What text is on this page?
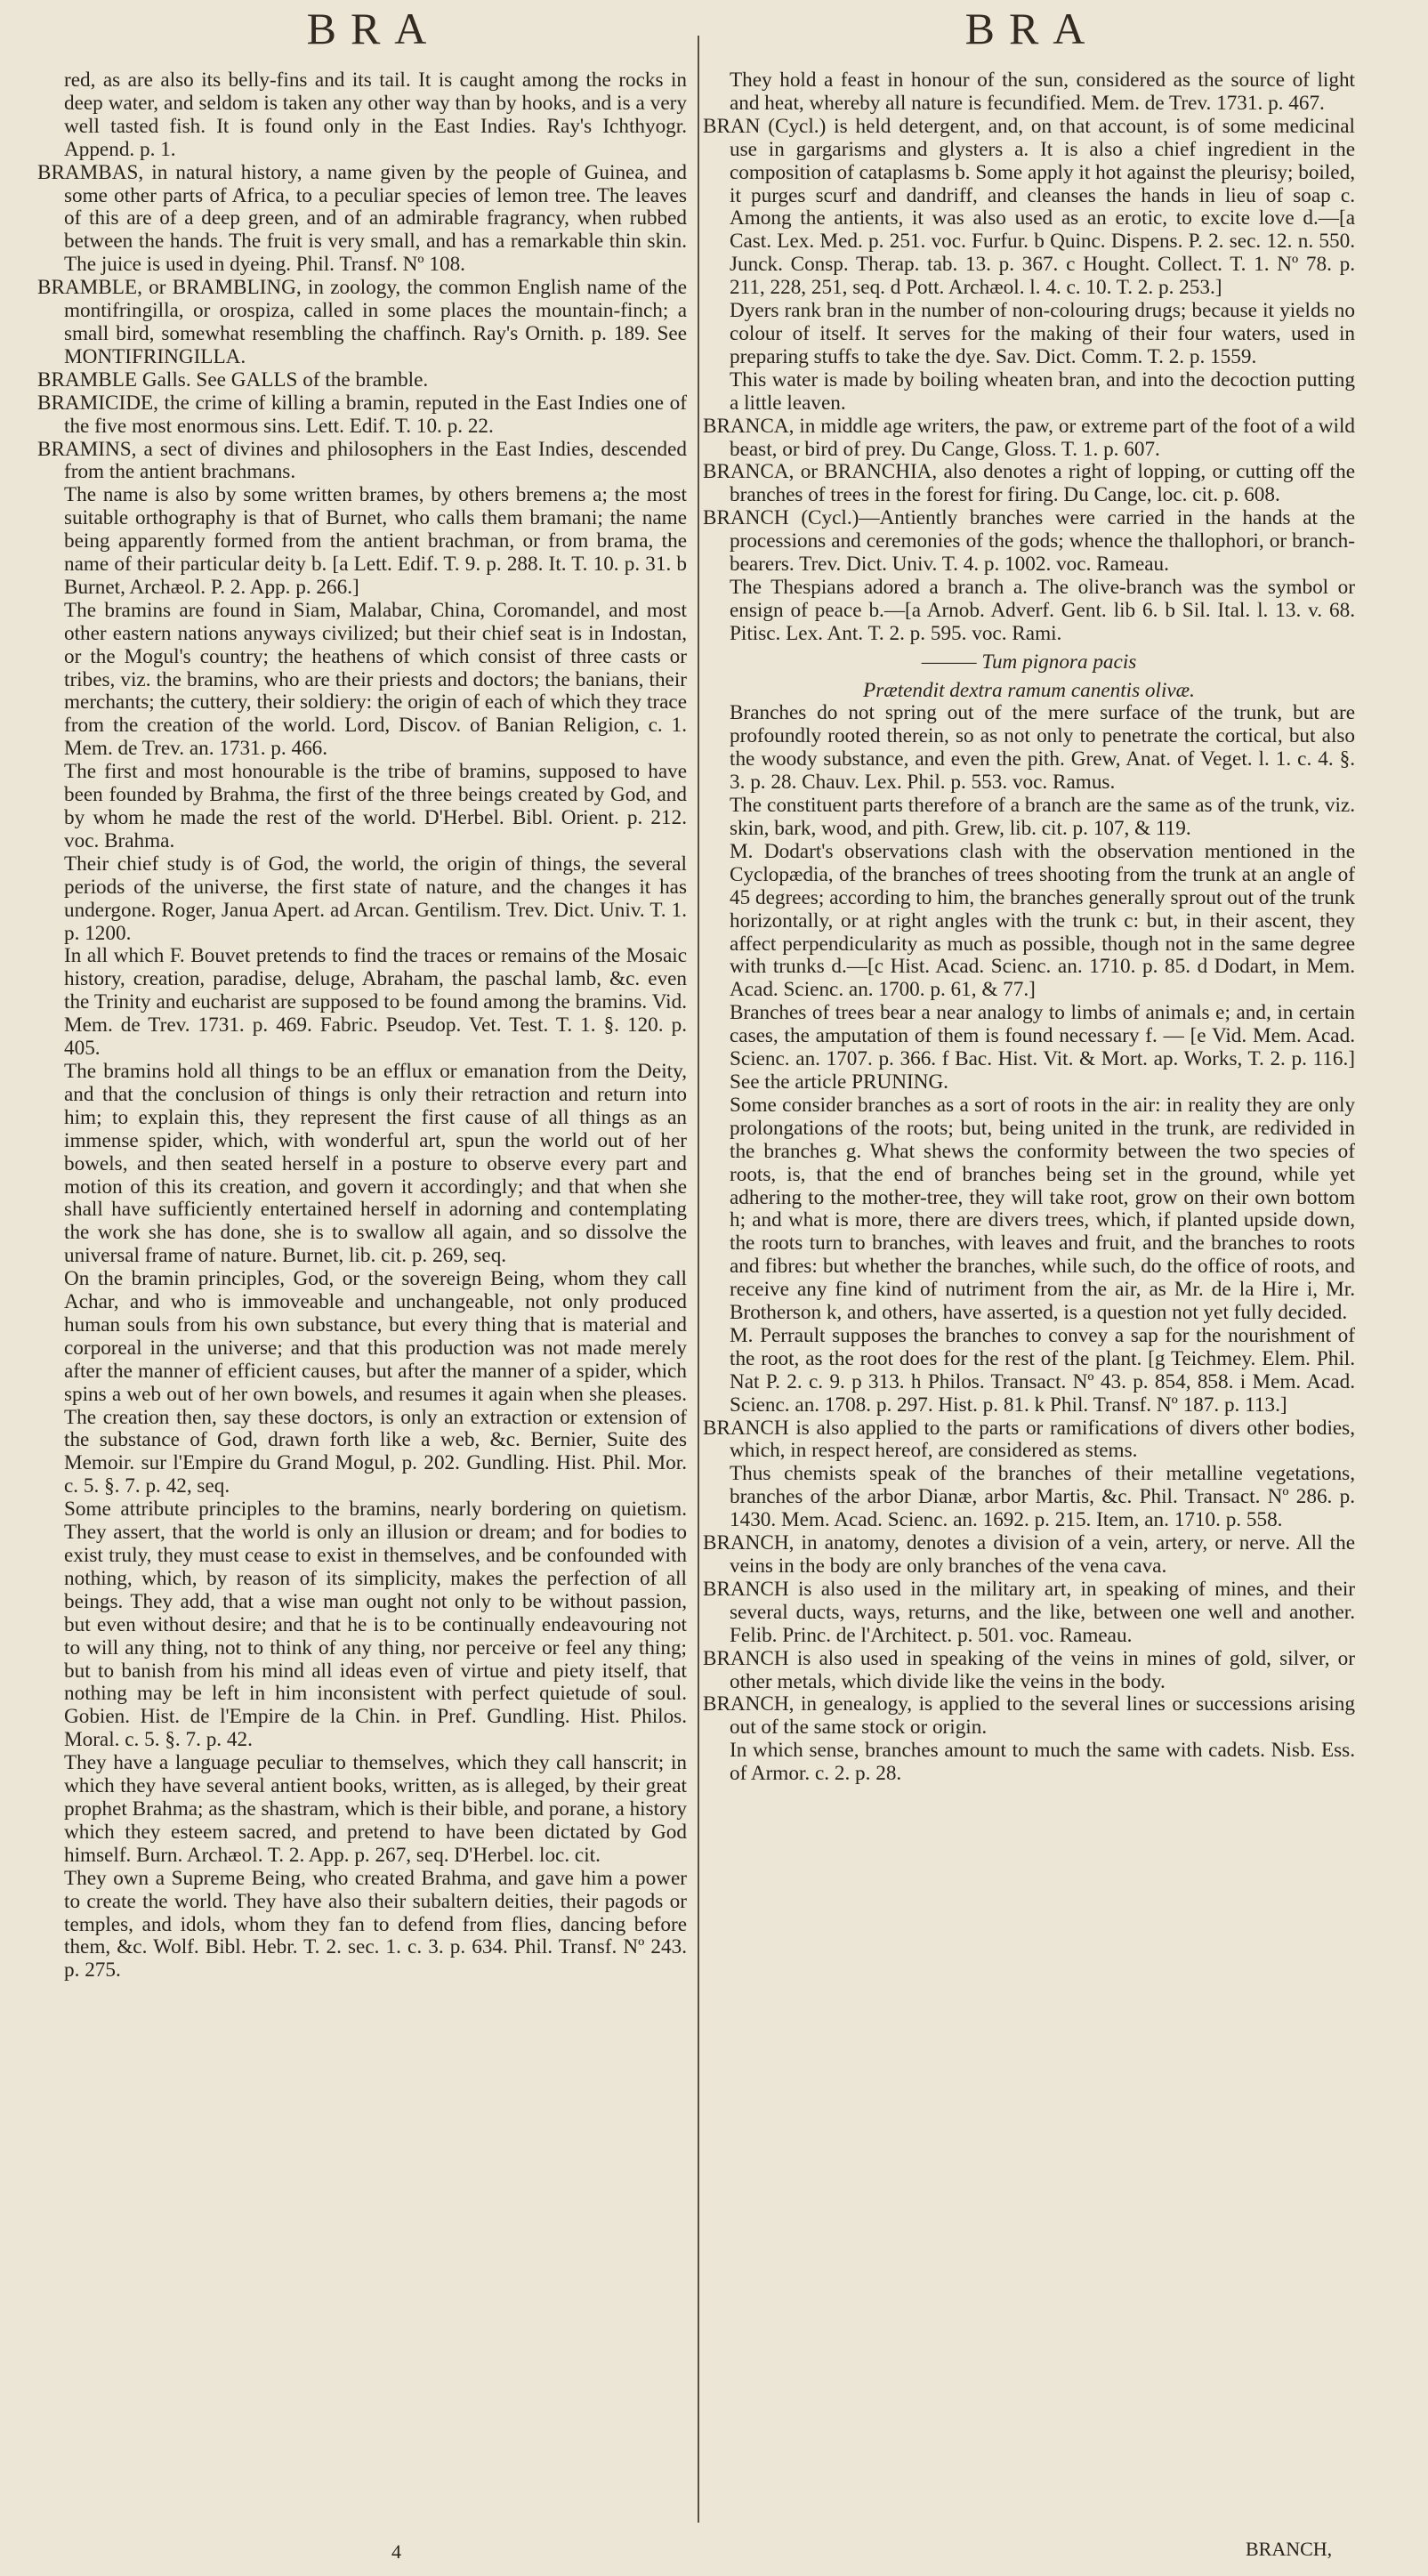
BRA	BRA

red, as are also its belly-fins and its tail. It is caught among the rocks in deep water, and seldom is taken any other way than by hooks, and is a very well tasted fish. It is found only in the East Indies. Ray's Ichthyogr. Append. p. 1.

BRAMBAS, in natural history, a name given by the people of Guinea, and some other parts of Africa, to a peculiar species of lemon tree. The leaves of this are of a deep green, and of an admirable fragrancy, when rubbed between the hands. The fruit is very small, and has a remarkable thin skin. The juice is used in dyeing. Phil. Transf. Nº 108.

BRAMBLE, or BRAMBLING, in zoology, the common English name of the montifringilla, or orospiza, called in some places the mountain-finch; a small bird, somewhat resembling the chaffinch. Ray's Ornith. p. 189. See MONTIFRINGILLA.

BRAMBLE Galls. See GALLS of the bramble.

BRAMICIDE, the crime of killing a bramin, reputed in the East Indies one of the five most enormous sins. Lett. Edif. T. 10. p. 22.

BRAMINS, a sect of divines and philosophers in the East Indies, descended from the antient brachmans.

The name is also by some written brames, by others bremens a; the most suitable orthography is that of Burnet, who calls them bramani; the name being apparently formed from the antient brachman, or from brama, the name of their particular deity b. [a Lett. Edif. T. 9. p. 288. It. T. 10. p. 31. b Burnet, Archæol. P. 2. App. p. 266.]

The bramins are found in Siam, Malabar, China, Coromandel, and most other eastern nations anyways civilized; but their chief seat is in Indostan, or the Mogul's country; the heathens of which consist of three casts or tribes, viz. the bramins, who are their priests and doctors; the banians, their merchants; the cuttery, their soldiery: the origin of each of which they trace from the creation of the world. Lord, Discov. of Banian Religion, c. 1. Mem. de Trev. an. 1731. p. 466.

The first and most honourable is the tribe of bramins, supposed to have been founded by Brahma, the first of the three beings created by God, and by whom he made the rest of the world. D'Herbel. Bibl. Orient. p. 212. voc. Brahma.

Their chief study is of God, the world, the origin of things, the several periods of the universe, the first state of nature, and the changes it has undergone. Roger, Janua Apert. ad Arcan. Gentilism. Trev. Dict. Univ. T. 1. p. 1200.

In all which F. Bouvet pretends to find the traces or remains of the Mosaic history, creation, paradise, deluge, Abraham, the paschal lamb, &c. even the Trinity and eucharist are supposed to be found among the bramins. Vid. Mem. de Trev. 1731. p. 469. Fabric. Pseudop. Vet. Test. T. 1. §. 120. p. 405.

The bramins hold all things to be an efflux or emanation from the Deity, and that the conclusion of things is only their retraction and return into him; to explain this, they represent the first cause of all things as an immense spider, which, with wonderful art, spun the world out of her bowels, and then seated herself in a posture to observe every part and motion of this its creation, and govern it accordingly; and that when she shall have sufficiently entertained herself in adorning and contemplating the work she has done, she is to swallow all again, and so dissolve the universal frame of nature. Burnet, lib. cit. p. 269, seq.

On the bramin principles, God, or the sovereign Being, whom they call Achar, and who is immoveable and unchangeable, not only produced human souls from his own substance, but every thing that is material and corporeal in the universe; and that this production was not made merely after the manner of efficient causes, but after the manner of a spider, which spins a web out of her own bowels, and resumes it again when she pleases. The creation then, say these doctors, is only an extraction or extension of the substance of God, drawn forth like a web, &c. Bernier, Suite des Memoir. sur l'Empire du Grand Mogul, p. 202. Gundling. Hist. Phil. Mor. c. 5. §. 7. p. 42, seq.

Some attribute principles to the bramins, nearly bordering on quietism. They assert, that the world is only an illusion or dream; and for bodies to exist truly, they must cease to exist in themselves, and be confounded with nothing, which, by reason of its simplicity, makes the perfection of all beings. They add, that a wise man ought not only to be without passion, but even without desire; and that he is to be continually endeavouring not to will any thing, not to think of any thing, nor perceive or feel any thing; but to banish from his mind all ideas even of virtue and piety itself, that nothing may be left in him inconsistent with perfect quietude of soul. Gobien. Hist. de l'Empire de la Chin. in Pref. Gundling. Hist. Philos. Moral. c. 5. §. 7. p. 42.

They have a language peculiar to themselves, which they call hanscrit; in which they have several antient books, written, as is alleged, by their great prophet Brahma; as the shastram, which is their bible, and porane, a history which they esteem sacred, and pretend to have been dictated by God himself. Burn. Archæol. T. 2. App. p. 267, seq. D'Herbel. loc. cit.

They own a Supreme Being, who created Brahma, and gave him a power to create the world. They have also their subaltern deities, their pagods or temples, and idols, whom they fan to defend from flies, dancing before them, &c. Wolf. Bibl. Hebr. T. 2. sec. 1. c. 3. p. 634. Phil. Transf. Nº 243. p. 275.

They hold a feast in honour of the sun, considered as the source of light and heat, whereby all nature is fecundified. Mem. de Trev. 1731. p. 467.

BRAN (Cycl.) is held detergent, and, on that account, is of some medicinal use in gargarisms and glysters a. It is also a chief ingredient in the composition of cataplasms b. Some apply it hot against the pleurisy; boiled, it purges scurf and dandriff, and cleanses the hands in lieu of soap c. Among the antients, it was also used as an erotic, to excite love d.—[a Cast. Lex. Med. p. 251. voc. Furfur. b Quinc. Dispens. P. 2. sec. 12. n. 550. Junck. Consp. Therap. tab. 13. p. 367. c Hought. Collect. T. 1. Nº 78. p. 211, 228, 251, seq. d Pott. Archæol. l. 4. c. 10. T. 2. p. 253.]

Dyers rank bran in the number of non-colouring drugs; because it yields no colour of itself. It serves for the making of their four waters, used in preparing stuffs to take the dye. Sav. Dict. Comm. T. 2. p. 1559.

This water is made by boiling wheaten bran, and into the decoction putting a little leaven.

BRANCA, in middle age writers, the paw, or extreme part of the foot of a wild beast, or bird of prey. Du Cange, Gloss. T. 1. p. 607.

BRANCA, or BRANCHIA, also denotes a right of lopping, or cutting off the branches of trees in the forest for firing. Du Cange, loc. cit. p. 608.

BRANCH (Cycl.)—Antiently branches were carried in the hands at the processions and ceremonies of the gods; whence the thallophori, or branch-bearers. Trev. Dict. Univ. T. 4. p. 1002. voc. Rameau.

The Thespians adored a branch a. The olive-branch was the symbol or ensign of peace b.—[a Arnob. Adverf. Gent. lib 6. b Sil. Ital. l. 13. v. 68. Pitisc. Lex. Ant. T. 2. p. 595. voc. Rami.

——— Tum pignora pacis

Prætendit dextra ramum canentis olivæ.

Branches do not spring out of the mere surface of the trunk, but are profoundly rooted therein, so as not only to penetrate the cortical, but also the woody substance, and even the pith. Grew, Anat. of Veget. l. 1. c. 4. §. 3. p. 28. Chauv. Lex. Phil. p. 553. voc. Ramus.

The constituent parts therefore of a branch are the same as of the trunk, viz. skin, bark, wood, and pith. Grew, lib. cit. p. 107, & 119.

M. Dodart's observations clash with the observation mentioned in the Cyclopædia, of the branches of trees shooting from the trunk at an angle of 45 degrees; according to him, the branches generally sprout out of the trunk horizontally, or at right angles with the trunk c: but, in their ascent, they affect perpendicularity as much as possible, though not in the same degree with trunks d.—[c Hist. Acad. Scienc. an. 1710. p. 85. d Dodart, in Mem. Acad. Scienc. an. 1700. p. 61, & 77.]

Branches of trees bear a near analogy to limbs of animals e; and, in certain cases, the amputation of them is found necessary f. — [e Vid. Mem. Acad. Scienc. an. 1707. p. 366. f Bac. Hist. Vit. & Mort. ap. Works, T. 2. p. 116.] See the article PRUNING.

Some consider branches as a sort of roots in the air: in reality they are only prolongations of the roots; but, being united in the trunk, are redivided in the branches g. What shews the conformity between the two species of roots, is, that the end of branches being set in the ground, while yet adhering to the mother-tree, they will take root, grow on their own bottom h; and what is more, there are divers trees, which, if planted upside down, the roots turn to branches, with leaves and fruit, and the branches to roots and fibres: but whether the branches, while such, do the office of roots, and receive any fine kind of nutriment from the air, as Mr. de la Hire i, Mr. Brotherson k, and others, have asserted, is a question not yet fully decided.

M. Perrault supposes the branches to convey a sap for the nourishment of the root, as the root does for the rest of the plant. [g Teichmey. Elem. Phil. Nat P. 2. c. 9. p 313. h Philos. Transact. Nº 43. p. 854, 858. i Mem. Acad. Scienc. an. 1708. p. 297. Hist. p. 81. k Phil. Transf. Nº 187. p. 113.]

BRANCH is also applied to the parts or ramifications of divers other bodies, which, in respect hereof, are considered as stems.

Thus chemists speak of the branches of their metalline vegetations, branches of the arbor Dianæ, arbor Martis, &c. Phil. Transact. Nº 286. p. 1430. Mem. Acad. Scienc. an. 1692. p. 215. Item, an. 1710. p. 558.

BRANCH, in anatomy, denotes a division of a vein, artery, or nerve. All the veins in the body are only branches of the vena cava.

BRANCH is also used in the military art, in speaking of mines, and their several ducts, ways, returns, and the like, between one well and another. Felib. Princ. de l'Architect. p. 501. voc. Rameau.

BRANCH is also used in speaking of the veins in mines of gold, silver, or other metals, which divide like the veins in the body.

BRANCH, in genealogy, is applied to the several lines or successions arising out of the same stock or origin.

In which sense, branches amount to much the same with cadets. Nisb. Ess. of Armor. c. 2. p. 28.

4	BRANCH,
